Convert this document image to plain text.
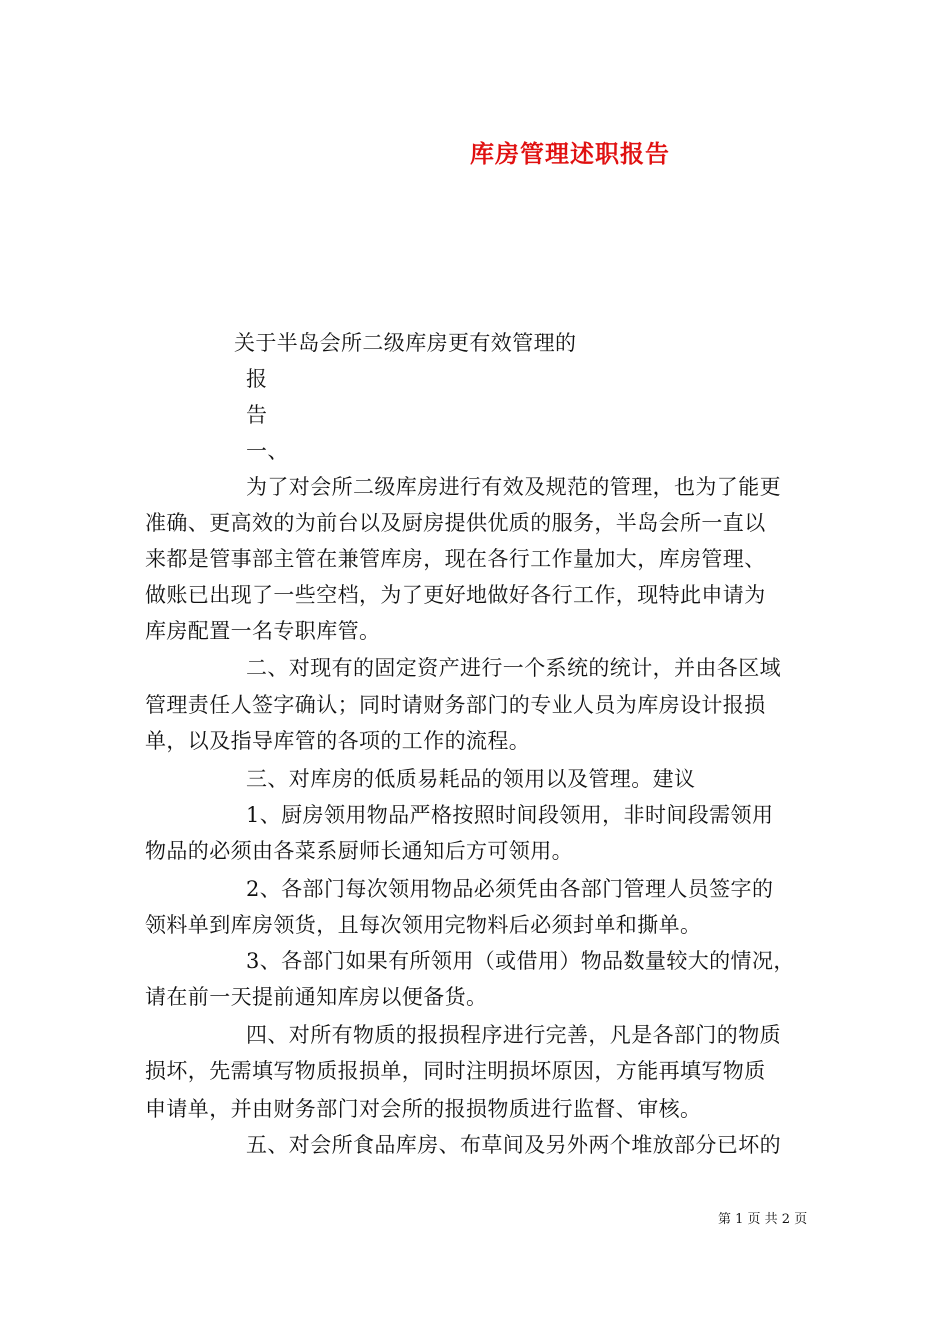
库房管理述职报告
关于半岛会所二级库房更有效管理的
报
告
一、
为了对会所二级库房进行有效及规范的管理，也为了能更
准确、更高效的为前台以及厨房提供优质的服务，半岛会所一直以
来都是管事部主管在兼管库房，现在各行工作量加大，库房管理、
做账已出现了一些空档，为了更好地做好各行工作，现特此申请为
库房配置一名专职库管。
二、对现有的固定资产进行一个系统的统计，并由各区域
管理责任人签字确认；同时请财务部门的专业人员为库房设计报损
单，以及指导库管的各项的工作的流程。
三、对库房的低质易耗品的领用以及管理。建议
1、厨房领用物品严格按照时间段领用，非时间段需领用
物品的必须由各菜系厨师长通知后方可领用。
2、各部门每次领用物品必须凭由各部门管理人员签字的
领料单到库房领货，且每次领用完物料后必须封单和撕单。
3、各部门如果有所领用（或借用）物品数量较大的情况，
请在前一天提前通知库房以便备货。
四、对所有物质的报损程序进行完善，凡是各部门的物质
损坏，先需填写物质报损单，同时注明损坏原因，方能再填写物质
申请单，并由财务部门对会所的报损物质进行监督、审核。
五、对会所食品库房、布草间及另外两个堆放部分已坏的
第 1 页 共 2 页
